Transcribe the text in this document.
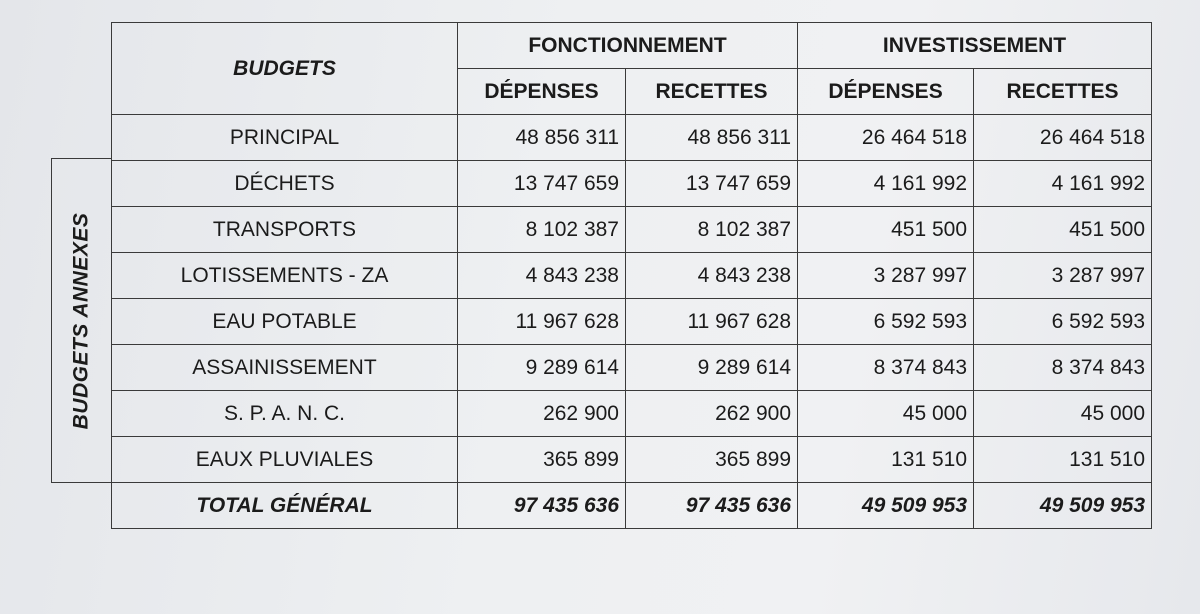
BUDGETS ANNEXES
BUDGETS	FONCTIONNEMENT		INVESTISSEMENT	
	DÉPENSES	RECETTES	DÉPENSES	RECETTES
PRINCIPAL	48 856 311	48 856 311	26 464 518	26 464 518
DÉCHETS	13 747 659	13 747 659	4 161 992	4 161 992
TRANSPORTS	8 102 387	8 102 387	451 500	451 500
LOTISSEMENTS - ZA	4 843 238	4 843 238	3 287 997	3 287 997
EAU POTABLE	11 967 628	11 967 628	6 592 593	6 592 593
ASSAINISSEMENT	9 289 614	9 289 614	8 374 843	8 374 843
S. P. A. N. C.	262 900	262 900	45 000	45 000
EAUX PLUVIALES	365 899	365 899	131 510	131 510
TOTAL GÉNÉRAL	97 435 636	97 435 636	49 509 953	49 509 953
